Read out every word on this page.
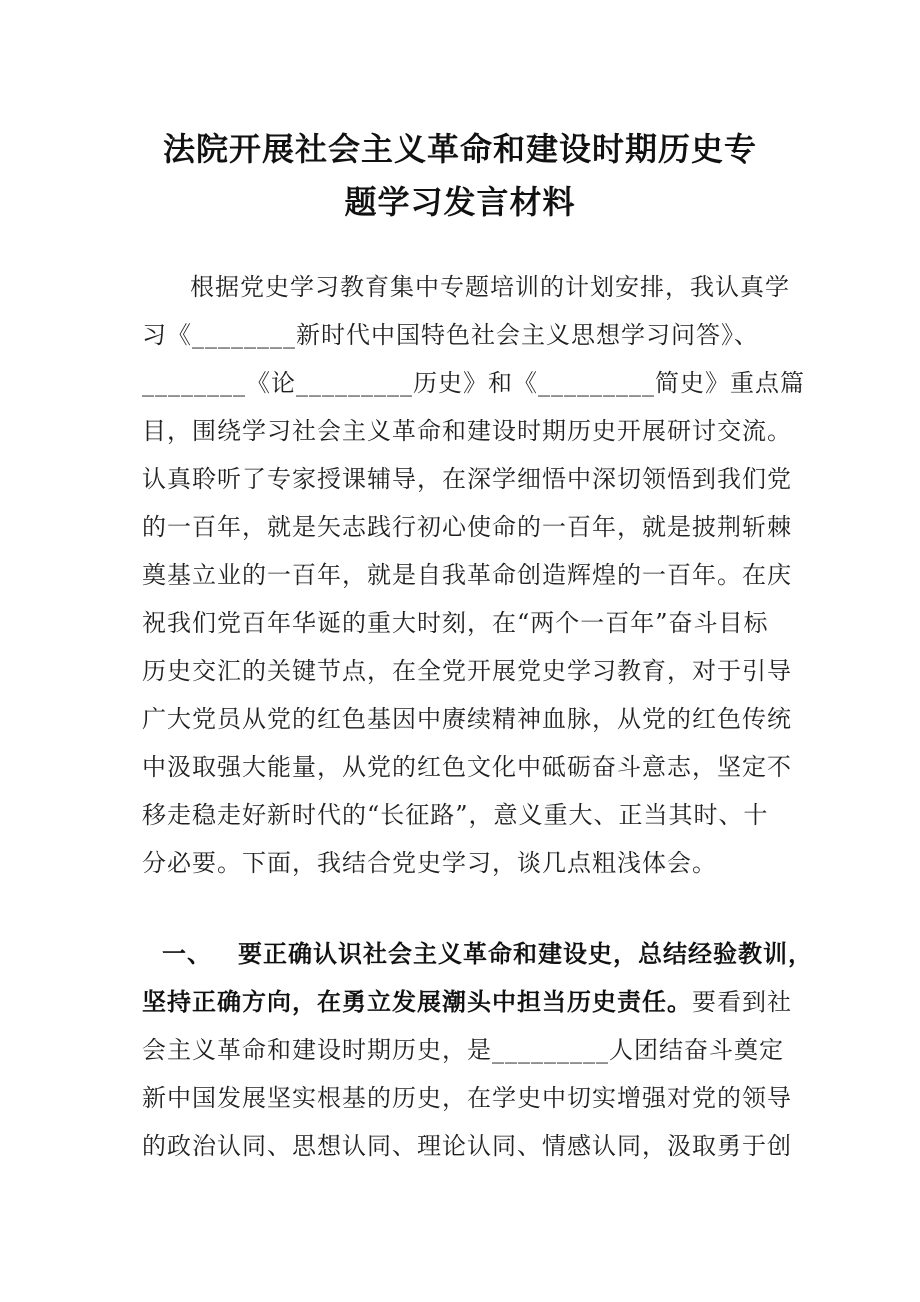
法院开展社会主义革命和建设时期历史专
题学习发言材料
根据党史学习教育集中专题培训的计划安排，我认真学
习《________新时代中国特色社会主义思想学习问答》、
________《论_________历史》和《_________简史》重点篇
目，围绕学习社会主义革命和建设时期历史开展研讨交流。
认真聆听了专家授课辅导，在深学细悟中深切领悟到我们党
的一百年，就是矢志践行初心使命的一百年，就是披荆斩棘
奠基立业的一百年，就是自我革命创造辉煌的一百年。在庆
祝我们党百年华诞的重大时刻，在“两个一百年”奋斗目标
历史交汇的关键节点，在全党开展党史学习教育，对于引导
广大党员从党的红色基因中赓续精神血脉，从党的红色传统
中汲取强大能量，从党的红色文化中砥砺奋斗意志，坚定不
移走稳走好新时代的“长征路”，意义重大、正当其时、十
分必要。下面，我结合党史学习，谈几点粗浅体会。
一、 要正确认识社会主义革命和建设史，总结经验教训，
坚持正确方向，在勇立发展潮头中担当历史责任。要看到社
会主义革命和建设时期历史，是_________人团结奋斗奠定
新中国发展坚实根基的历史，在学史中切实增强对党的领导
的政治认同、思想认同、理论认同、情感认同，汲取勇于创
